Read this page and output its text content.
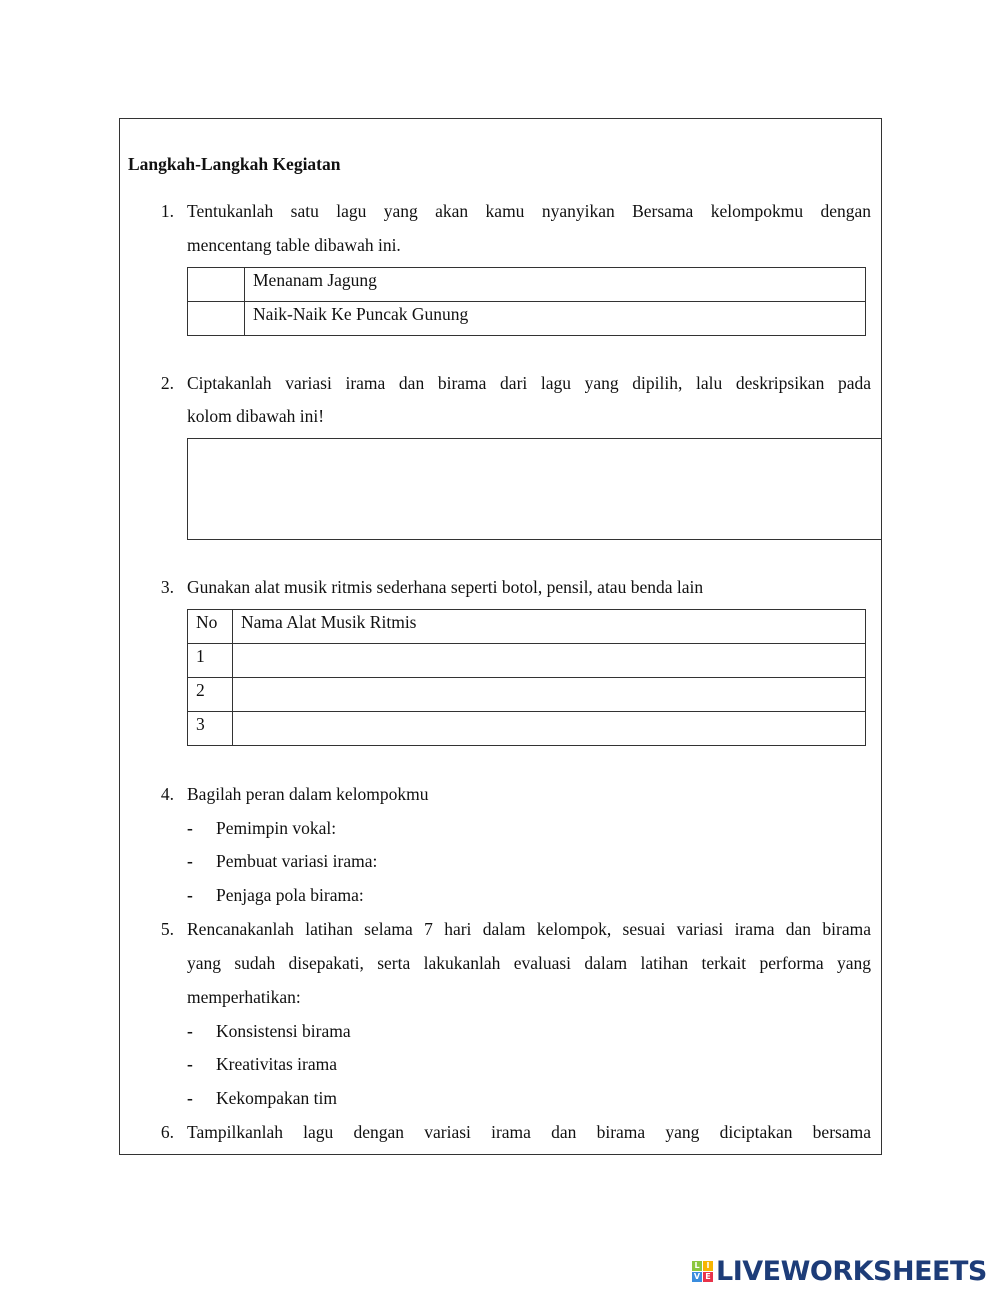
Langkah-Langkah Kegiatan
1. Tentukanlah satu lagu yang akan kamu nyanyikan Bersama kelompokmu dengan
mencentang table dibawah ini.
	Menanam Jagung
	Naik-Naik Ke Puncak Gunung
2. Ciptakanlah variasi irama dan birama dari lagu yang dipilih, lalu deskripsikan pada
kolom dibawah ini!
3. Gunakan alat musik ritmis sederhana seperti botol, pensil, atau benda lain
No	Nama Alat Musik Ritmis
1	
2	
3	
4. Bagilah peran dalam kelompokmu
- Pemimpin vokal:
- Pembuat variasi irama:
- Penjaga pola birama:
5. Rencanakanlah latihan selama 7 hari dalam kelompok, sesuai variasi irama dan birama
yang sudah disepakati, serta lakukanlah evaluasi dalam latihan terkait performa yang
memperhatikan:
- Konsistensi birama
- Kreativitas irama
- Kekompakan tim
6. Tampilkanlah lagu dengan variasi irama dan birama yang diciptakan bersama
L I
V E LIVEWORKSHEETS
